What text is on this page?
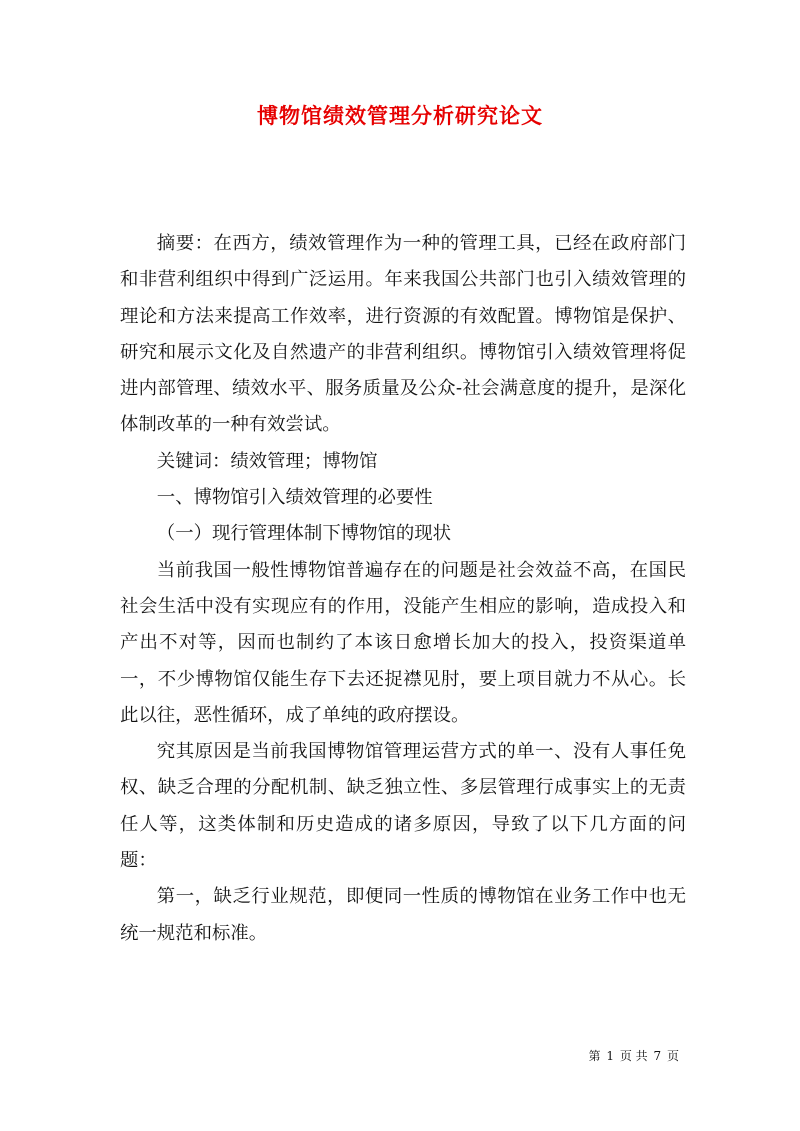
博物馆绩效管理分析研究论文

摘要：在西方，绩效管理作为一种的管理工具，已经在政府部门和非营利组织中得到广泛运用。年来我国公共部门也引入绩效管理的理论和方法来提高工作效率，进行资源的有效配置。博物馆是保护、研究和展示文化及自然遗产的非营利组织。博物馆引入绩效管理将促进内部管理、绩效水平、服务质量及公众-社会满意度的提升，是深化体制改革的一种有效尝试。

关键词：绩效管理；博物馆

一、博物馆引入绩效管理的必要性

（一）现行管理体制下博物馆的现状

当前我国一般性博物馆普遍存在的问题是社会效益不高，在国民社会生活中没有实现应有的作用，没能产生相应的影响，造成投入和产出不对等，因而也制约了本该日愈增长加大的投入，投资渠道单一，不少博物馆仅能生存下去还捉襟见肘，要上项目就力不从心。长此以往，恶性循环，成了单纯的政府摆设。

究其原因是当前我国博物馆管理运营方式的单一、没有人事任免权、缺乏合理的分配机制、缺乏独立性、多层管理行成事实上的无责任人等，这类体制和历史造成的诸多原因，导致了以下几方面的问题：

第一，缺乏行业规范，即便同一性质的博物馆在业务工作中也无统一规范和标准。

第 1 页 共 7 页
